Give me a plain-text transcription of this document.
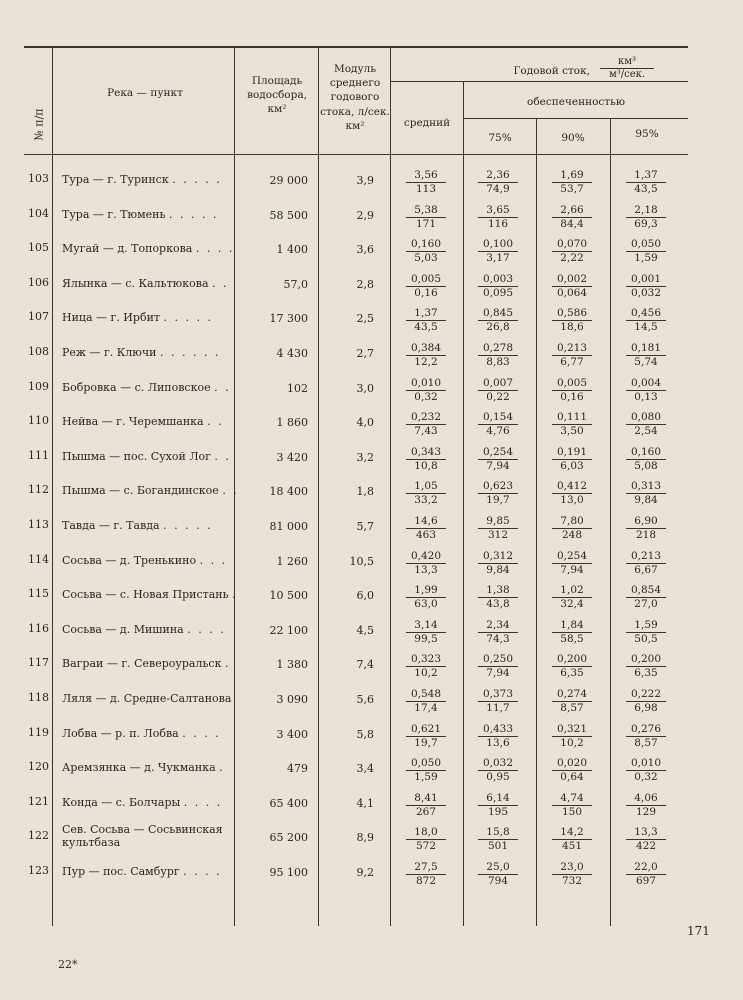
№ п/п
Река — пункт
Площадь водосбора, км²
Модуль среднего годового стока, л/сек. км²
Годовой сток,
км³
м³/сек.
средний
обеспеченностью
75%	90%	95%
103 Тура — г. Туринск . . . . .	29 000	$3,9 \frac{3,56}{113} \frac{2,36}{74,9} \frac{1,69}{53,7} \frac{1,37}{43,5}$
104 Тура — г. Тюмень . . . . .	58 500	$2,9 \frac{5,38}{171} \frac{3,65}{116} \frac{2,66}{84,4} \frac{2,18}{69,3}$
105 Мугай — д. Топоркова . . . .	1 400	$3,6 \frac{0,160}{5,03} \frac{0,100}{3,17} \frac{0,070}{2,22} \frac{0,050}{1,59}$
106 Ялынка — с. Кальтюкова . .	57,0	$2,8 \frac{0,005}{0,16} \frac{0,003}{0,095} \frac{0,002}{0,064} \frac{0,001}{0,032}$
107 Ница — г. Ирбит . . . . .	17 300	$2,5 \frac{1,37}{43,5} \frac{0,845}{26,8} \frac{0,586}{18,6} \frac{0,456}{14,5}$
108 Реж — г. Ключи . . . . . .	4 430	$2,7 \frac{0,384}{12,2} \frac{0,278}{8,83} \frac{0,213}{6,77} \frac{0,181}{5,74}$
109 Бобровка — с. Липовское . .	102	$3,0 \frac{0,010}{0,32} \frac{0,007}{0,22} \frac{0,005}{0,16} \frac{0,004}{0,13}$
110 Нейва — г. Черемшанка . .	1 860	$4,0 \frac{0,232}{7,43} \frac{0,154}{4,76} \frac{0,111}{3,50} \frac{0,080}{2,54}$
111 Пышма — пос. Сухой Лог . .	3 420	$3,2 \frac{0,343}{10,8} \frac{0,254}{7,94} \frac{0,191}{6,03} \frac{0,160}{5,08}$
112 Пышма — с. Богандинское . .	18 400	$1,8 \frac{1,05}{33,2} \frac{0,623}{19,7} \frac{0,412}{13,0} \frac{0,313}{9,84}$
113 Тавда — г. Тавда . . . . .	81 000	$5,7 \frac{14,6}{463} \frac{9,85}{312} \frac{7,80}{248} \frac{6,90}{218}$
114 Сосьва — д. Тренькино . . .	1 260	$10,5 \frac{0,420}{13,3} \frac{0,312}{9,84} \frac{0,254}{7,94} \frac{0,213}{6,67}$
115 Сосьва — с. Новая Пристань .	10 500	$6,0 \frac{1,99}{63,0} \frac{1,38}{43,8} \frac{1,02}{32,4} \frac{0,854}{27,0}$
116 Сосьва — д. Мишина . . . .	22 100	$4,5 \frac{3,14}{99,5} \frac{2,34}{74,3} \frac{1,84}{58,5} \frac{1,59}{50,5}$
117 Ваграи — г. Североуральск .	1 380	$7,4 \frac{0,323}{10,2} \frac{0,250}{7,94} \frac{0,200}{6,35} \frac{0,200}{6,35}$
118 Ляля — д. Средне-Салтанова	3 090	$5,6 \frac{0,548}{17,4} \frac{0,373}{11,7} \frac{0,274}{8,57} \frac{0,222}{6,98}$
119 Лобва — р. п. Лобва . . . .	3 400	$5,8 \frac{0,621}{19,7} \frac{0,433}{13,6} \frac{0,321}{10,2} \frac{0,276}{8,57}$
120 Аремзянка — д. Чукманка .	479	$3,4 \frac{0,050}{1,59} \frac{0,032}{0,95} \frac{0,020}{0,64} \frac{0,010}{0,32}$
121 Конда — с. Болчары . . . .	65 400	$4,1 \frac{8,41}{267} \frac{6,14}{195} \frac{4,74}{150} \frac{4,06}{129}$
122 Сев. Сосьва — Сосьвинская культбаза	65 200	$8,9 \frac{18,0}{572} \frac{15,8}{501} \frac{14,2}{451} \frac{13,3}{422}$
123 Пур — пос. Самбург . . . .	95 100	$9,2 \frac{27,5}{872} \frac{25,0}{794} \frac{23,0}{732} \frac{22,0}{697}$
171
22*
